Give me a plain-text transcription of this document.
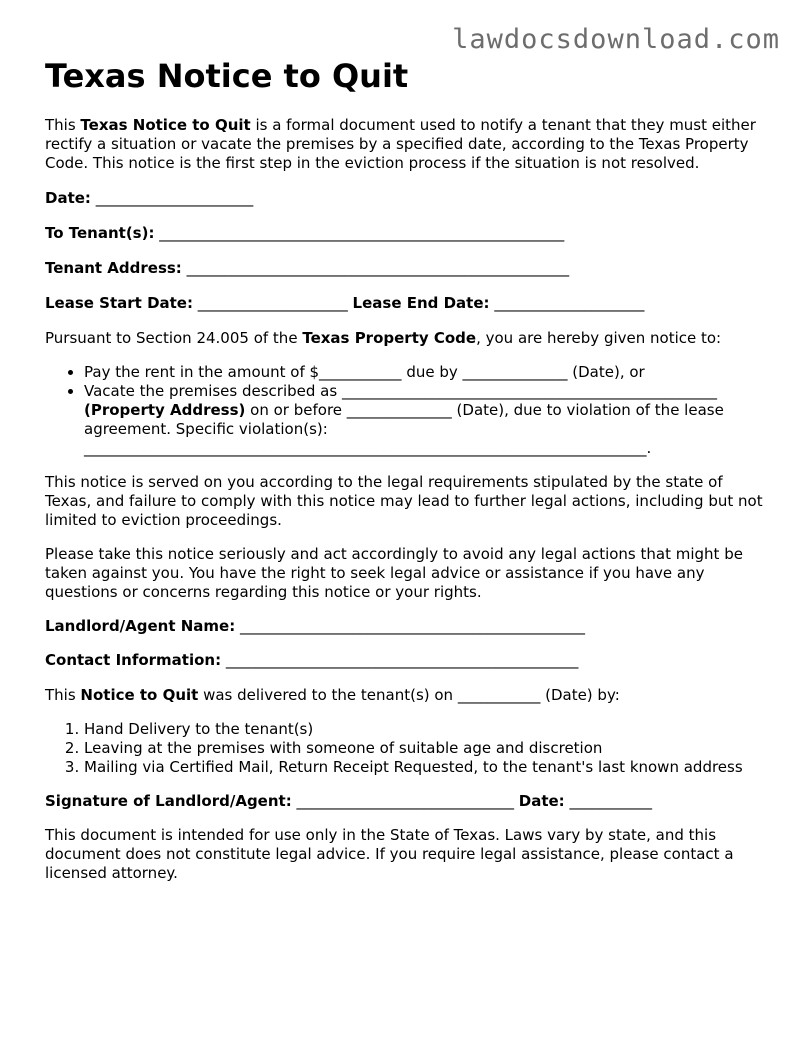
lawdocsdownload.com
Texas Notice to Quit

This Texas Notice to Quit is a formal document used to notify a tenant that they must either rectify a situation or vacate the premises by a specified date, according to the Texas Property Code. This notice is the first step in the eviction process if the situation is not resolved.

Date: _____________________

To Tenant(s): ______________________________________________________

Tenant Address: ___________________________________________________

Lease Start Date: ____________________ Lease End Date: ____________________

Pursuant to Section 24.005 of the Texas Property Code, you are hereby given notice to:

• Pay the rent in the amount of $___________ due by ______________ (Date), or
• Vacate the premises described as __________________________________________________ (Property Address) on or before ______________ (Date), due to violation of the lease agreement. Specific violation(s): ___________________________________________________________________________.

This notice is served on you according to the legal requirements stipulated by the state of Texas, and failure to comply with this notice may lead to further legal actions, including but not limited to eviction proceedings.

Please take this notice seriously and act accordingly to avoid any legal actions that might be taken against you. You have the right to seek legal advice or assistance if you have any questions or concerns regarding this notice or your rights.

Landlord/Agent Name: ______________________________________________

Contact Information: _______________________________________________

This Notice to Quit was delivered to the tenant(s) on ___________ (Date) by:

1. Hand Delivery to the tenant(s)
2. Leaving at the premises with someone of suitable age and discretion
3. Mailing via Certified Mail, Return Receipt Requested, to the tenant's last known address

Signature of Landlord/Agent: _____________________________ Date: ___________

This document is intended for use only in the State of Texas. Laws vary by state, and this document does not constitute legal advice. If you require legal assistance, please contact a licensed attorney.
